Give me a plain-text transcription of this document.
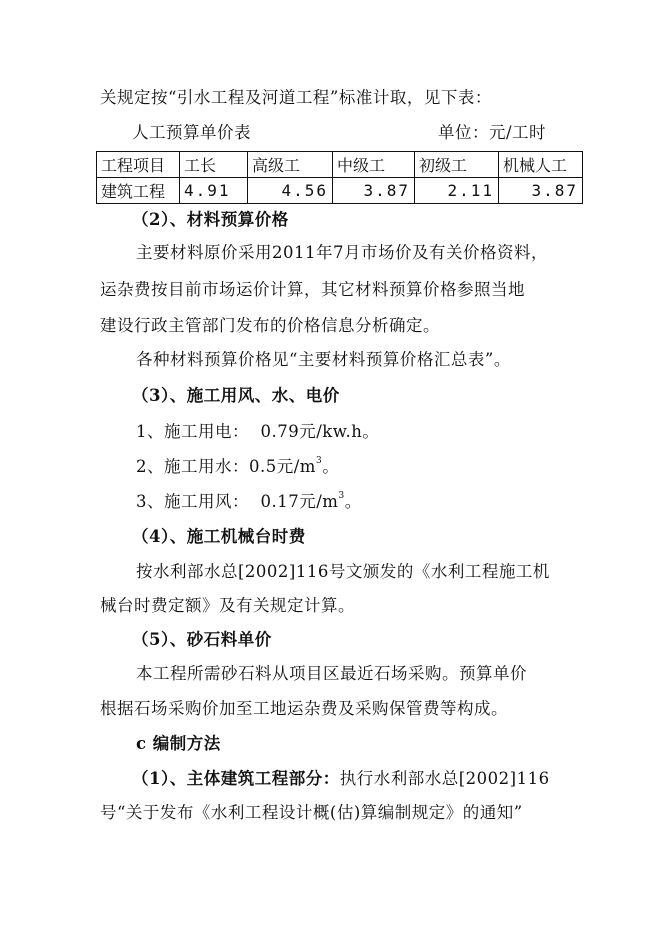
关规定按“引水工程及河道工程”标准计取，见下表：
人工预算单价表	单位：元/工时
工程项目	工长	高级工	中级工	初级工	机械人工
建筑工程	4.91	4.56	3.87	2.11	3.87
（2）、材料预算价格
主要材料原价采用2011年7月市场价及有关价格资料，
运杂费按目前市场运价计算，其它材料预算价格参照当地
建设行政主管部门发布的价格信息分析确定。
各种材料预算价格见“主要材料预算价格汇总表”。
（3）、施工用风、水、电价
1、施工用电： 0.79元/kw.h。
2、施工用水：0.5元$/m^3$。
3、施工用风： 0.17元$/m^3$。
（4）、施工机械台时费
按水利部水总[2002]116号文颁发的《水利工程施工机
械台时费定额》及有关规定计算。
（5）、砂石料单价
本工程所需砂石料从项目区最近石场采购。预算单价
根据石场采购价加至工地运杂费及采购保管费等构成。
c 编制方法
（1）、主体建筑工程部分：执行水利部水总[2002]116
号“关于发布《水利工程设计概(估)算编制规定》的通知”
